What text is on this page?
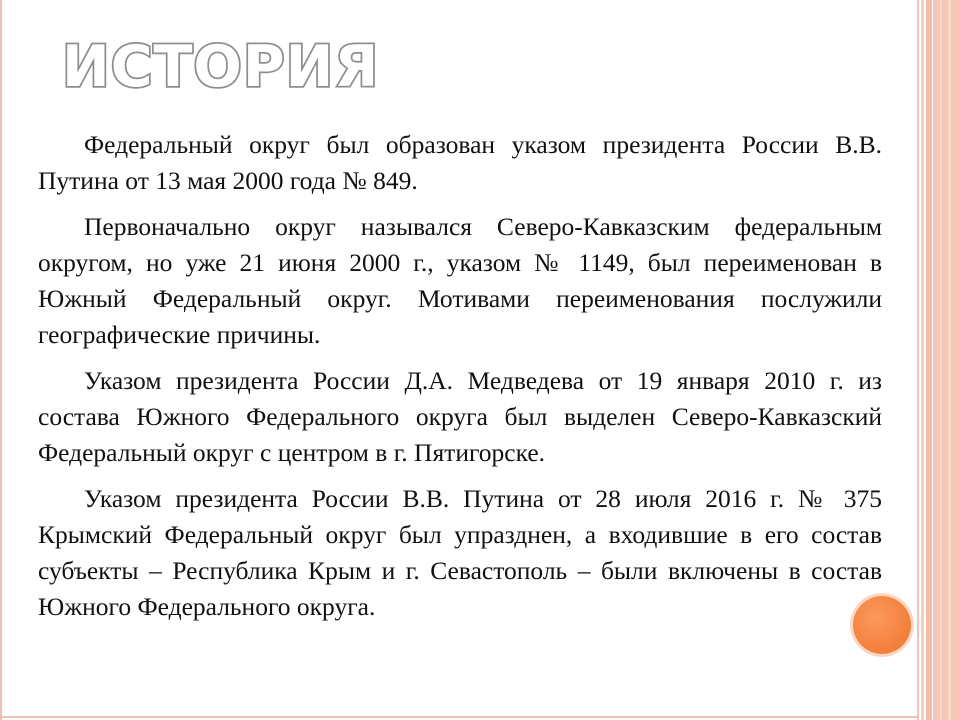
ИСТОРИЯ

Федеральный округ был образован указом президента России В.В. Путина от 13 мая 2000 года № 849.

Первоначально округ назывался Северо-Кавказским федеральным округом, но уже 21 июня 2000 г., указом № 1149, был переименован в Южный Федеральный округ. Мотивами переименования послужили географические причины.

Указом президента России Д.А. Медведева от 19 января 2010 г. из состава Южного Федерального округа был выделен Северо-Кавказский Федеральный округ с центром в г. Пятигорске.

Указом президента России В.В. Путина от 28 июля 2016 г. № 375 Крымский Федеральный округ был упразднен, а входившие в его состав субъекты – Республика Крым и г. Севастополь – были включены в состав Южного Федерального округа.
